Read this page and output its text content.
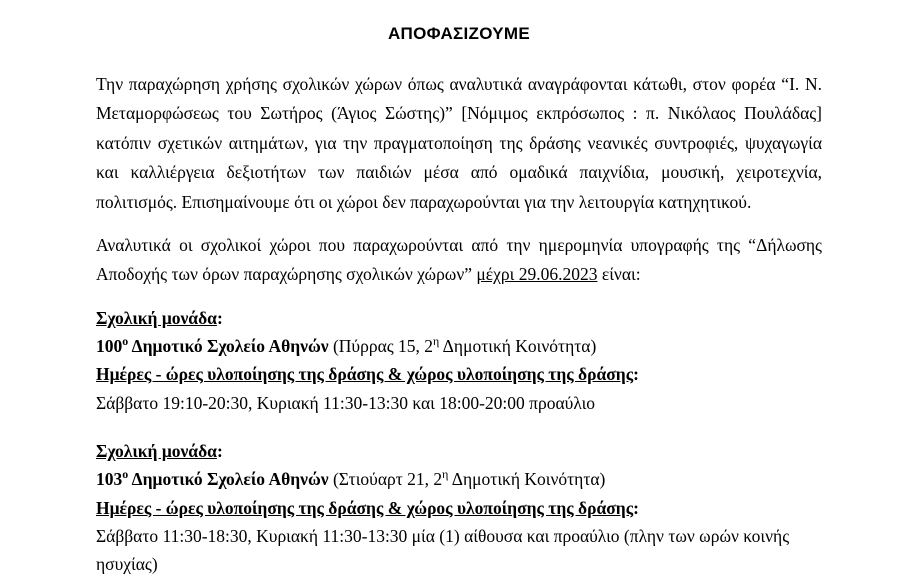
ΑΠΟΦΑΣΙΖΟΥΜΕ

Την παραχώρηση χρήσης σχολικών χώρων όπως αναλυτικά αναγράφονται κάτωθι, στον φορέα “Ι. Ν. Μεταμορφώσεως του Σωτήρος (Άγιος Σώστης)” [Νόμιμος εκπρόσωπος : π. Νικόλαος Πουλάδας] κατόπιν σχετικών αιτημάτων, για την πραγματοποίηση της δράσης νεανικές συντροφιές, ψυχαγωγία και καλλιέργεια δεξιοτήτων των παιδιών μέσα από ομαδικά παιχνίδια, μουσική, χειροτεχνία, πολιτισμός. Επισημαίνουμε ότι οι χώροι δεν παραχωρούνται για την λειτουργία κατηχητικού.

Αναλυτικά οι σχολικοί χώροι που παραχωρούνται από την ημερομηνία υπογραφής της “Δήλωσης Αποδοχής των όρων παραχώρησης σχολικών χώρων” μέχρι 29.06.2023 είναι:

Σχολική μονάδα:
$100^o$ Δημοτικό Σχολείο Αθηνών (Πύρρας 15, $2^\eta$ Δημοτική Κοινότητα)
Ημέρες - ώρες υλοποίησης της δράσης & χώρος υλοποίησης της δράσης:
Σάββατο 19:10-20:30, Κυριακή 11:30-13:30 και 18:00-20:00 προαύλιο
Σχολική μονάδα:
$103^o$ Δημοτικό Σχολείο Αθηνών (Στιούαρτ 21, $2^\eta$ Δημοτική Κοινότητα)
Ημέρες - ώρες υλοποίησης της δράσης & χώρος υλοποίησης της δράσης:
Σάββατο 11:30-18:30, Κυριακή 11:30-13:30 μία (1) αίθουσα και προαύλιο (πλην των ωρών κοινής ησυχίας)
